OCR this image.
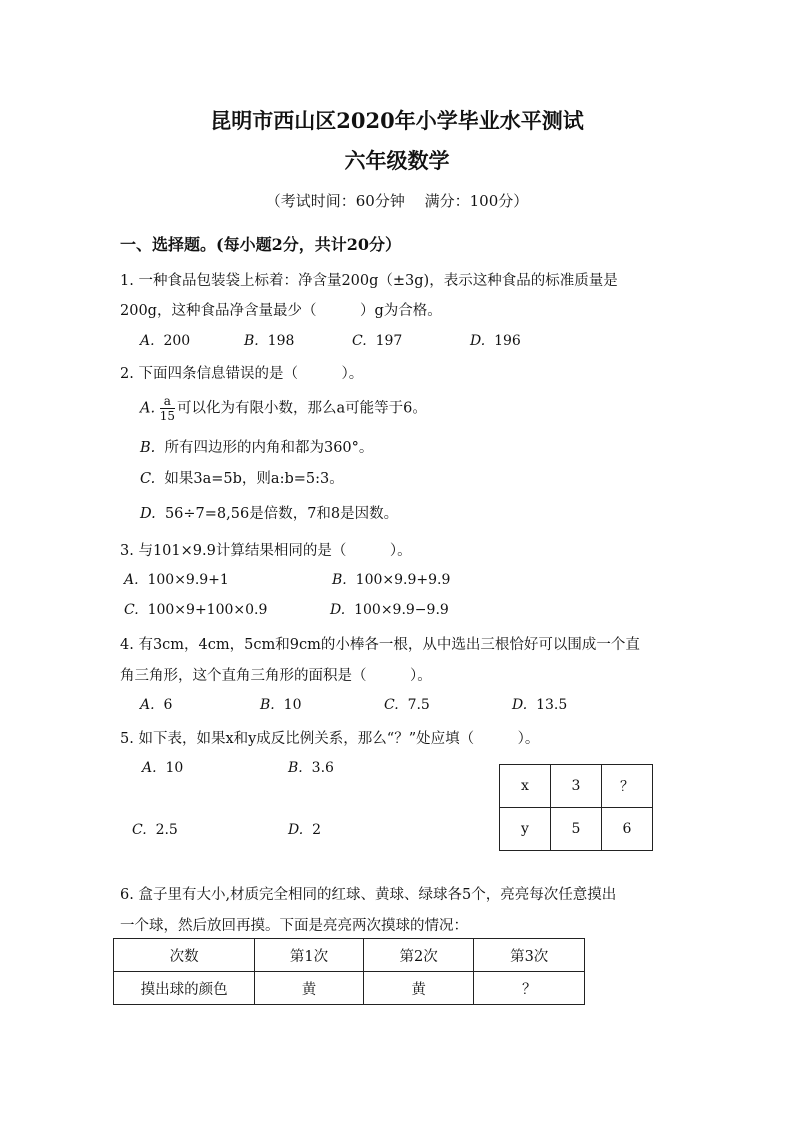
昆明市西山区2020年小学毕业水平测试
六年级数学
（考试时间：60分钟　 满分：100分）
一、选择题。(每小题2分，共计20分）
1. 一种食品包装袋上标着：净含量200g（±3g)，表示这种食品的标准质量是
200g，这种食品净含量最少（　　　）g为合格。
A. 200	B. 198	C. 197	D. 196
2. 下面四条信息错误的是（　　　）。
A. $\frac{a}{15}$ 可以化为有限小数，那么a可能等于6。
B. 所有四边形的内角和都为360°。
C. 如果3a=5b，则a:b=5:3。
D. 56÷7=8,56是倍数，7和8是因数。
3. 与101×9.9计算结果相同的是（　　　）。
A. 100×9.9+1	B. 100×9.9+9.9
C. 100×9+100×0.9	D. 100×9.9−9.9
4. 有3cm，4cm，5cm和9cm的小棒各一根，从中选出三根恰好可以围成一个直
角三角形，这个直角三角形的面积是（　　　）。
A. 6	B. 10	C. 7.5	D. 13.5
5. 如下表，如果x和y成反比例关系，那么“？”处应填（　　　）。
A. 10	B. 3.6
C. 2.5	D. 2
x	3	？
y	5	6
6. 盒子里有大小,材质完全相同的红球、黄球、绿球各5个，亮亮每次任意摸出
一个球，然后放回再摸。下面是亮亮两次摸球的情况：
次数	第1次	第2次	第3次
摸出球的颜色	黄	黄	？
